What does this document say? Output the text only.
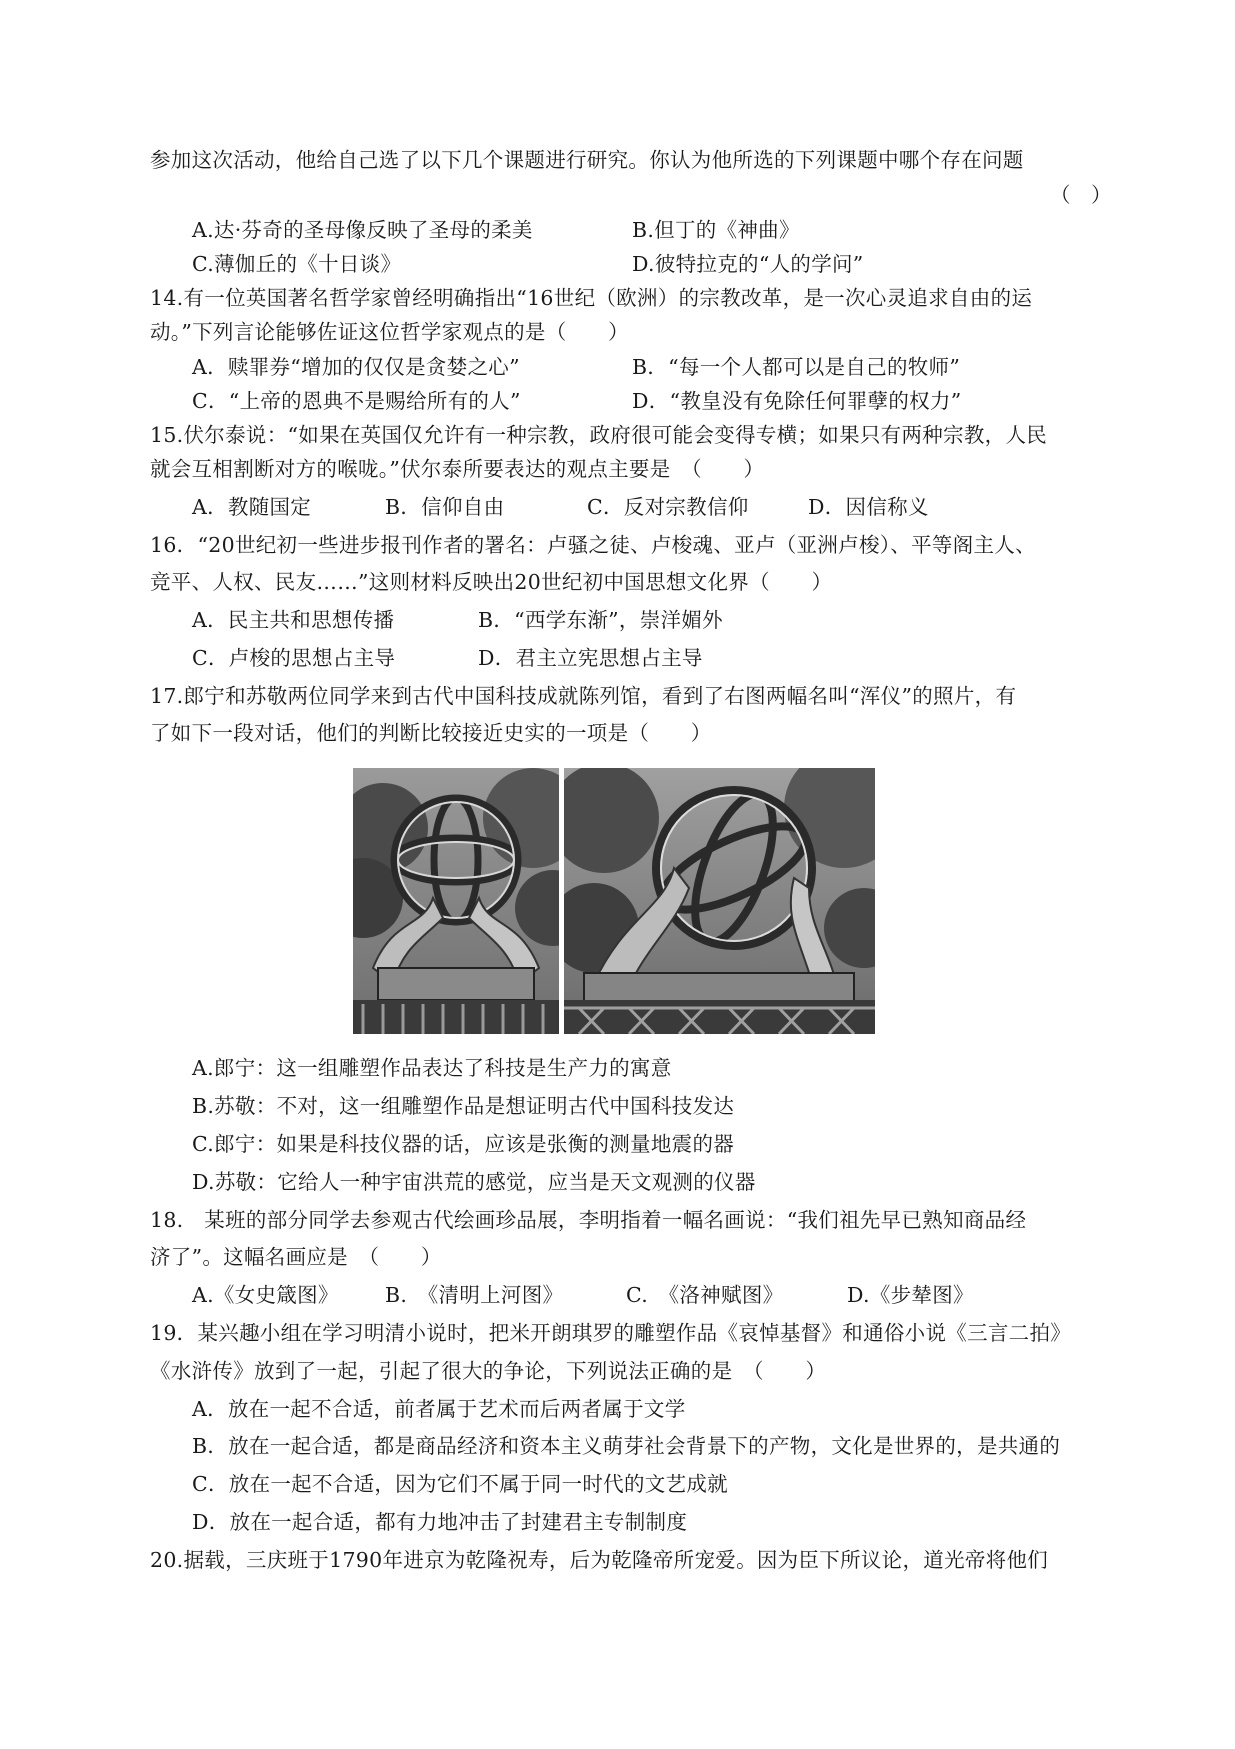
参加这次活动，他给自己选了以下几个课题进行研究。你认为他所选的下列课题中哪个存在问题
（　）
A.达·芬奇的圣母像反映了圣母的柔美	B.但丁的《神曲》
C.薄伽丘的《十日谈》	D.彼特拉克的“人的学问”
14.有一位英国著名哲学家曾经明确指出“16世纪（欧洲）的宗教改革，是一次心灵追求自由的运
动。”下列言论能够佐证这位哲学家观点的是（　　）
A．赎罪券“增加的仅仅是贪婪之心”	B．“每一个人都可以是自己的牧师”
C．“上帝的恩典不是赐给所有的人”	D．“教皇没有免除任何罪孽的权力”
15.伏尔泰说：“如果在英国仅允许有一种宗教，政府很可能会变得专横；如果只有两种宗教，人民
就会互相割断对方的喉咙。”伏尔泰所要表达的观点主要是　（　　）
A．教随国定	B．信仰自由	C．反对宗教信仰	D．因信称义
16．“20世纪初一些进步报刊作者的署名：卢骚之徒、卢梭魂、亚卢（亚洲卢梭）、平等阁主人、
竞平、人权、民友……”这则材料反映出20世纪初中国思想文化界（　　）
A．民主共和思想传播	B．“西学东渐”，崇洋媚外
C．卢梭的思想占主导	D．君主立宪思想占主导
17.郎宁和苏敬两位同学来到古代中国科技成就陈列馆，看到了右图两幅名叫“浑仪”的照片，有
了如下一段对话，他们的判断比较接近史实的一项是（　　）
A.郎宁：这一组雕塑作品表达了科技是生产力的寓意
B.苏敬：不对，这一组雕塑作品是想证明古代中国科技发达
C.郎宁：如果是科技仪器的话，应该是张衡的测量地震的器
D.苏敬：它给人一种宇宙洪荒的感觉，应当是天文观测的仪器
18.　某班的部分同学去参观古代绘画珍品展，李明指着一幅名画说：“我们祖先早已熟知商品经
济了”。这幅名画应是　（　　）
A.《女史箴图》 B.　《清明上河图》	C.　《洛神赋图》	D.《步辇图》
19．某兴趣小组在学习明清小说时，把米开朗琪罗的雕塑作品《哀悼基督》和通俗小说《三言二拍》
《水浒传》放到了一起，引起了很大的争论，下列说法正确的是　（　　）
A．放在一起不合适，前者属于艺术而后两者属于文学
B．放在一起合适，都是商品经济和资本主义萌芽社会背景下的产物，文化是世界的，是共通的
C．放在一起不合适，因为它们不属于同一时代的文艺成就
D．放在一起合适，都有力地冲击了封建君主专制制度
20.据载，三庆班于1790年进京为乾隆祝寿，后为乾隆帝所宠爱。因为臣下所议论，道光帝将他们
